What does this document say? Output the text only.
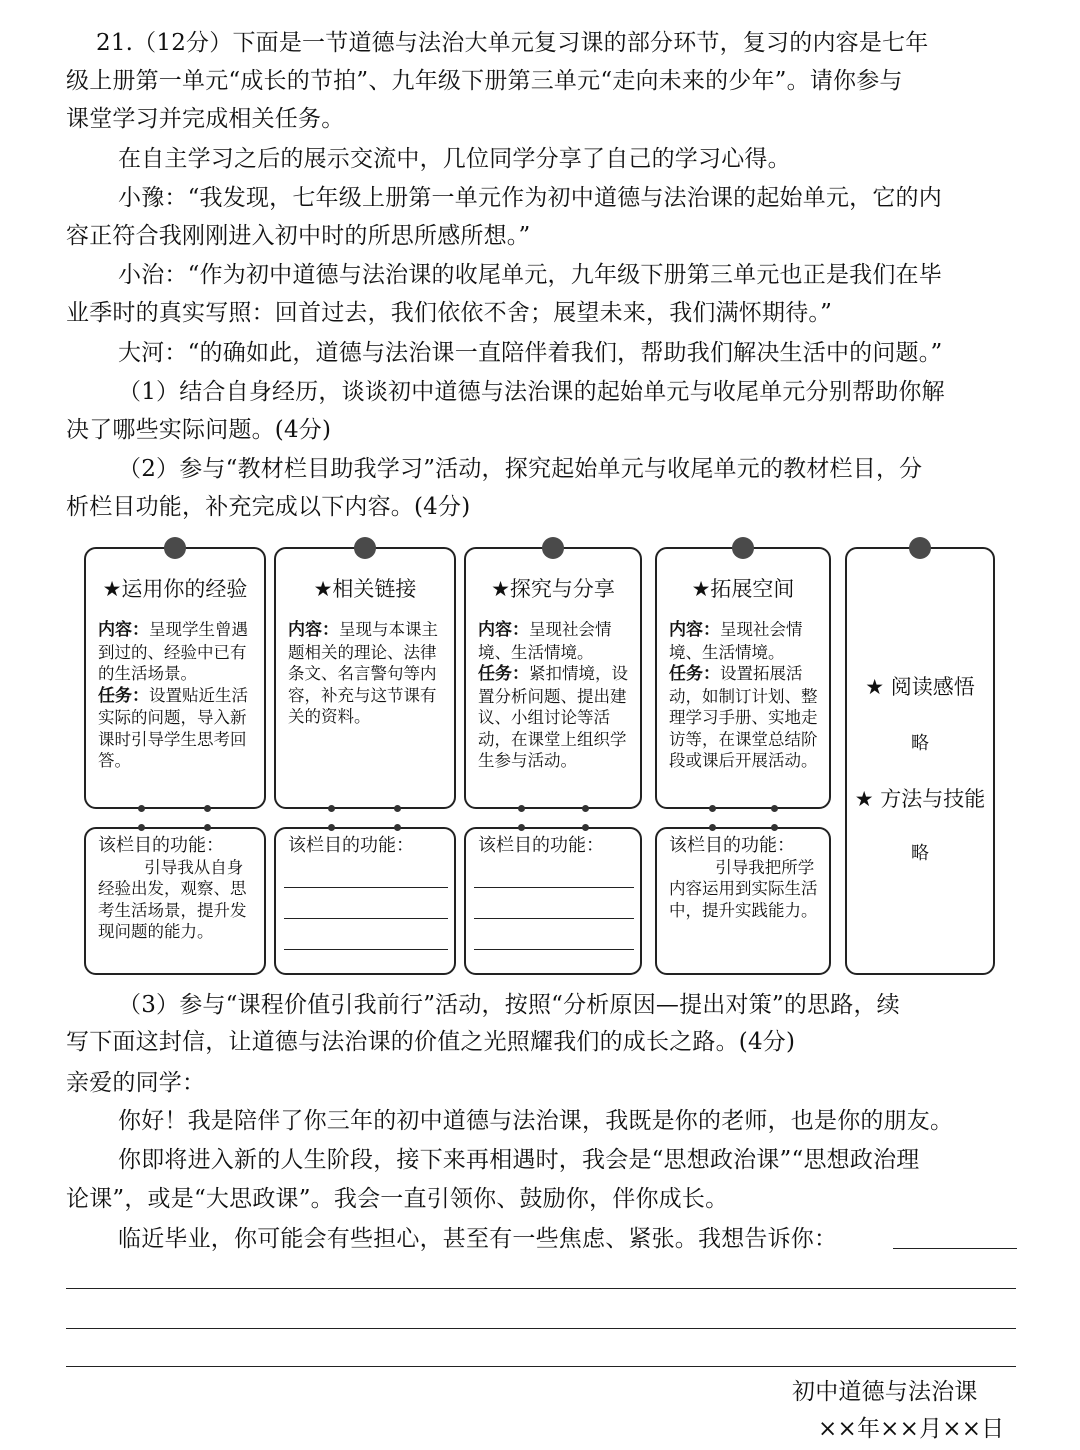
21.（12分）下面是一节道德与法治大单元复习课的部分环节，复习的内容是七年
级上册第一单元“成长的节拍”、九年级下册第三单元“走向未来的少年”。请你参与
课堂学习并完成相关任务。
在自主学习之后的展示交流中，几位同学分享了自己的学习心得。
小豫：“我发现，七年级上册第一单元作为初中道德与法治课的起始单元，它的内
容正符合我刚刚进入初中时的所思所感所想。”
小治：“作为初中道德与法治课的收尾单元，九年级下册第三单元也正是我们在毕
业季时的真实写照：回首过去，我们依依不舍；展望未来，我们满怀期待。”
大河：“的确如此，道德与法治课一直陪伴着我们，帮助我们解决生活中的问题。”
（1）结合自身经历，谈谈初中道德与法治课的起始单元与收尾单元分别帮助你解
决了哪些实际问题。(4分)
（2）参与“教材栏目助我学习”活动，探究起始单元与收尾单元的教材栏目，分
析栏目功能，补充完成以下内容。(4分)
★运用你的经验
内容：呈现学生曾遇到过的、经验中已有的生活场景。
任务：设置贴近生活实际的问题，导入新课时引导学生思考回答。
该栏目的功能：
引导我从自身经验出发，观察、思考生活场景，提升发现问题的能力。
★相关链接
内容：呈现与本课主题相关的理论、法律条文、名言警句等内容，补充与这节课有关的资料。
该栏目的功能：
★探究与分享
内容：呈现社会情境、生活情境。
任务：紧扣情境，设置分析问题、提出建议、小组讨论等活动，在课堂上组织学生参与活动。
该栏目的功能：
★拓展空间
内容：呈现社会情境、生活情境。
任务：设置拓展活动，如制订计划、整理学习手册、实地走访等，在课堂总结阶段或课后开展活动。
该栏目的功能：
引导我把所学内容运用到实际生活中，提升实践能力。
★ 阅读感悟
略
★ 方法与技能
略
（3）参与“课程价值引我前行”活动，按照“分析原因—提出对策”的思路，续
写下面这封信，让道德与法治课的价值之光照耀我们的成长之路。(4分)
亲爱的同学：
你好！我是陪伴了你三年的初中道德与法治课，我既是你的老师，也是你的朋友。
你即将进入新的人生阶段，接下来再相遇时，我会是“思想政治课”“思想政治理
论课”，或是“大思政课”。我会一直引领你、鼓励你，伴你成长。
临近毕业，你可能会有些担心，甚至有一些焦虑、紧张。我想告诉你：
初中道德与法治课
××年××月××日
